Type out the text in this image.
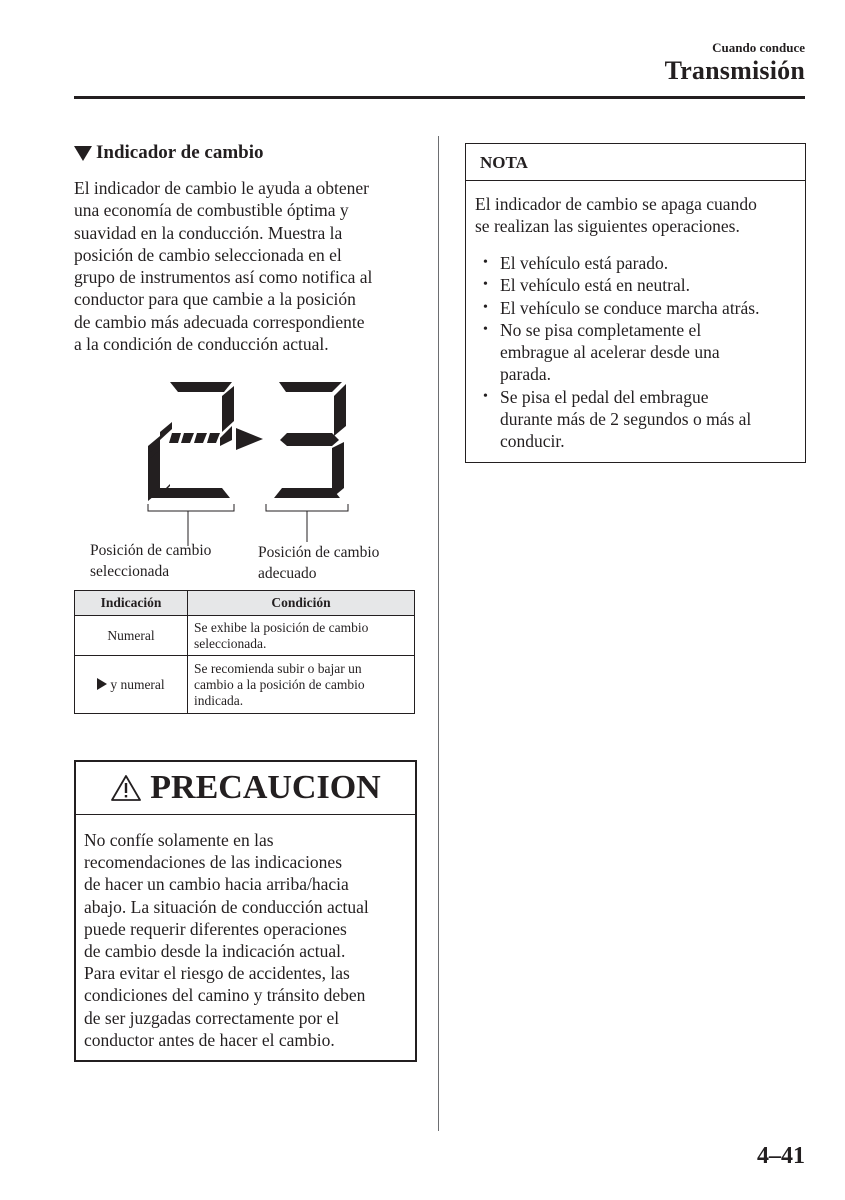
Cuando conduce
Transmisión
Indicador de cambio
El indicador de cambio le ayuda a obtener
una economía de combustible óptima y
suavidad en la conducción. Muestra la
posición de cambio seleccionada en el
grupo de instrumentos así como notifica al
conductor para que cambie a la posición
de cambio más adecuada correspondiente
a la condición de conducción actual.
Posición de cambio
seleccionada
Posición de cambio
adecuado
Indicación	Condición
Numeral	Se exhibe la posición de cambio
seleccionada.

y numeral	Se recomienda subir o bajar un
cambio a la posición de cambio
indicada.
PRECAUCION
No confíe solamente en las
recomendaciones de las indicaciones
de hacer un cambio hacia arriba/hacia
abajo. La situación de conducción actual
puede requerir diferentes operaciones
de cambio desde la indicación actual.
Para evitar el riesgo de accidentes, las
condiciones del camino y tránsito deben
de ser juzgadas correctamente por el
conductor antes de hacer el cambio.
NOTA
El indicador de cambio se apaga cuando
se realizan las siguientes operaciones.
• El vehículo está parado.
• El vehículo está en neutral.
• El vehículo se conduce marcha atrás.
• No se pisa completamente el
embrague al acelerar desde una
parada.
• Se pisa el pedal del embrague
durante más de 2 segundos o más al
conducir.
4–41
